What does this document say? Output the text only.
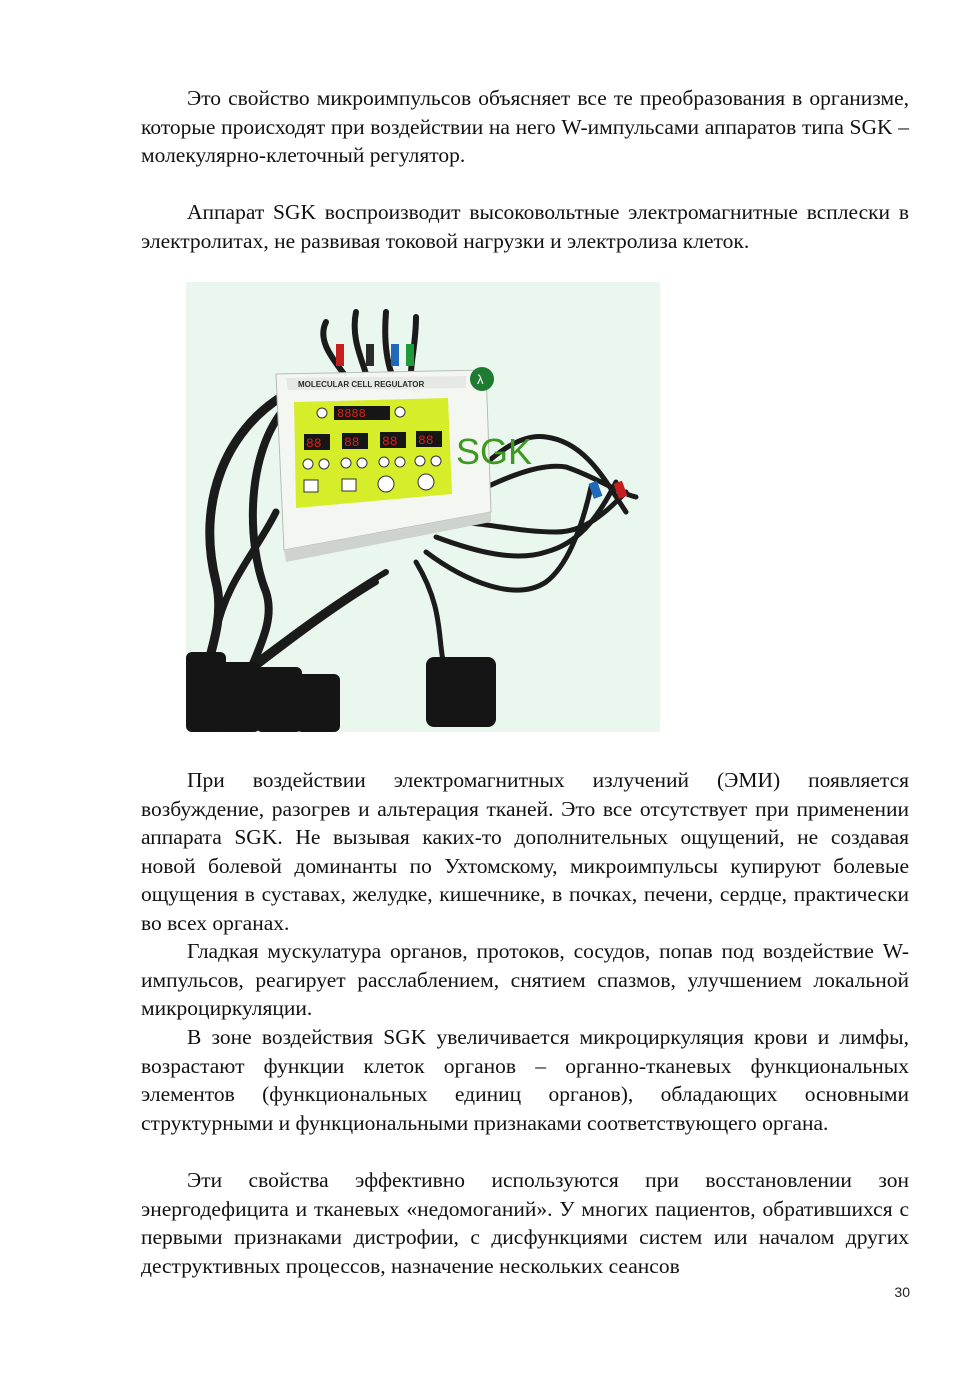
Это свойство микроимпульсов объясняет все те преобразования в организме, которые происходят при воздействии на него W-импульсами аппаратов типа SGK – молекулярно-клеточный регулятор.

Аппарат SGK воспроизводит высоковольтные электромагнитные всплески в электролитах, не развивая токовой нагрузки и электролиза клеток.

MOLECULAR CELL REGULATOR	λ
8888
88 88 88 88 SGK

При воздействии электромагнитных излучений (ЭМИ) появляется возбуждение, разогрев и альтерация тканей. Это все отсутствует при применении аппарата SGK. Не вызывая каких-то дополнительных ощущений, не создавая новой болевой доминанты по Ухтомскому, микроимпульсы купируют болевые ощущения в суставах, желудке, кишечнике, в почках, печени, сердце, практически во всех органах.

Гладкая мускулатура органов, протоков, сосудов, попав под воздействие W-импульсов, реагирует расслаблением, снятием спазмов, улучшением локальной микроциркуляции.

В зоне воздействия SGK увеличивается микроциркуляция крови и лимфы, возрастают функции клеток органов – органно-тканевых функциональных элементов (функциональных единиц органов), обладающих основными структурными и функциональными признаками соответствующего органа.

Эти свойства эффективно используются при восстановлении зон энергодефицита и тканевых «недомоганий». У многих пациентов, обратившихся с первыми признаками дистрофии, с дисфункциями систем или началом других деструктивных процессов, назначение нескольких сеансов

30
